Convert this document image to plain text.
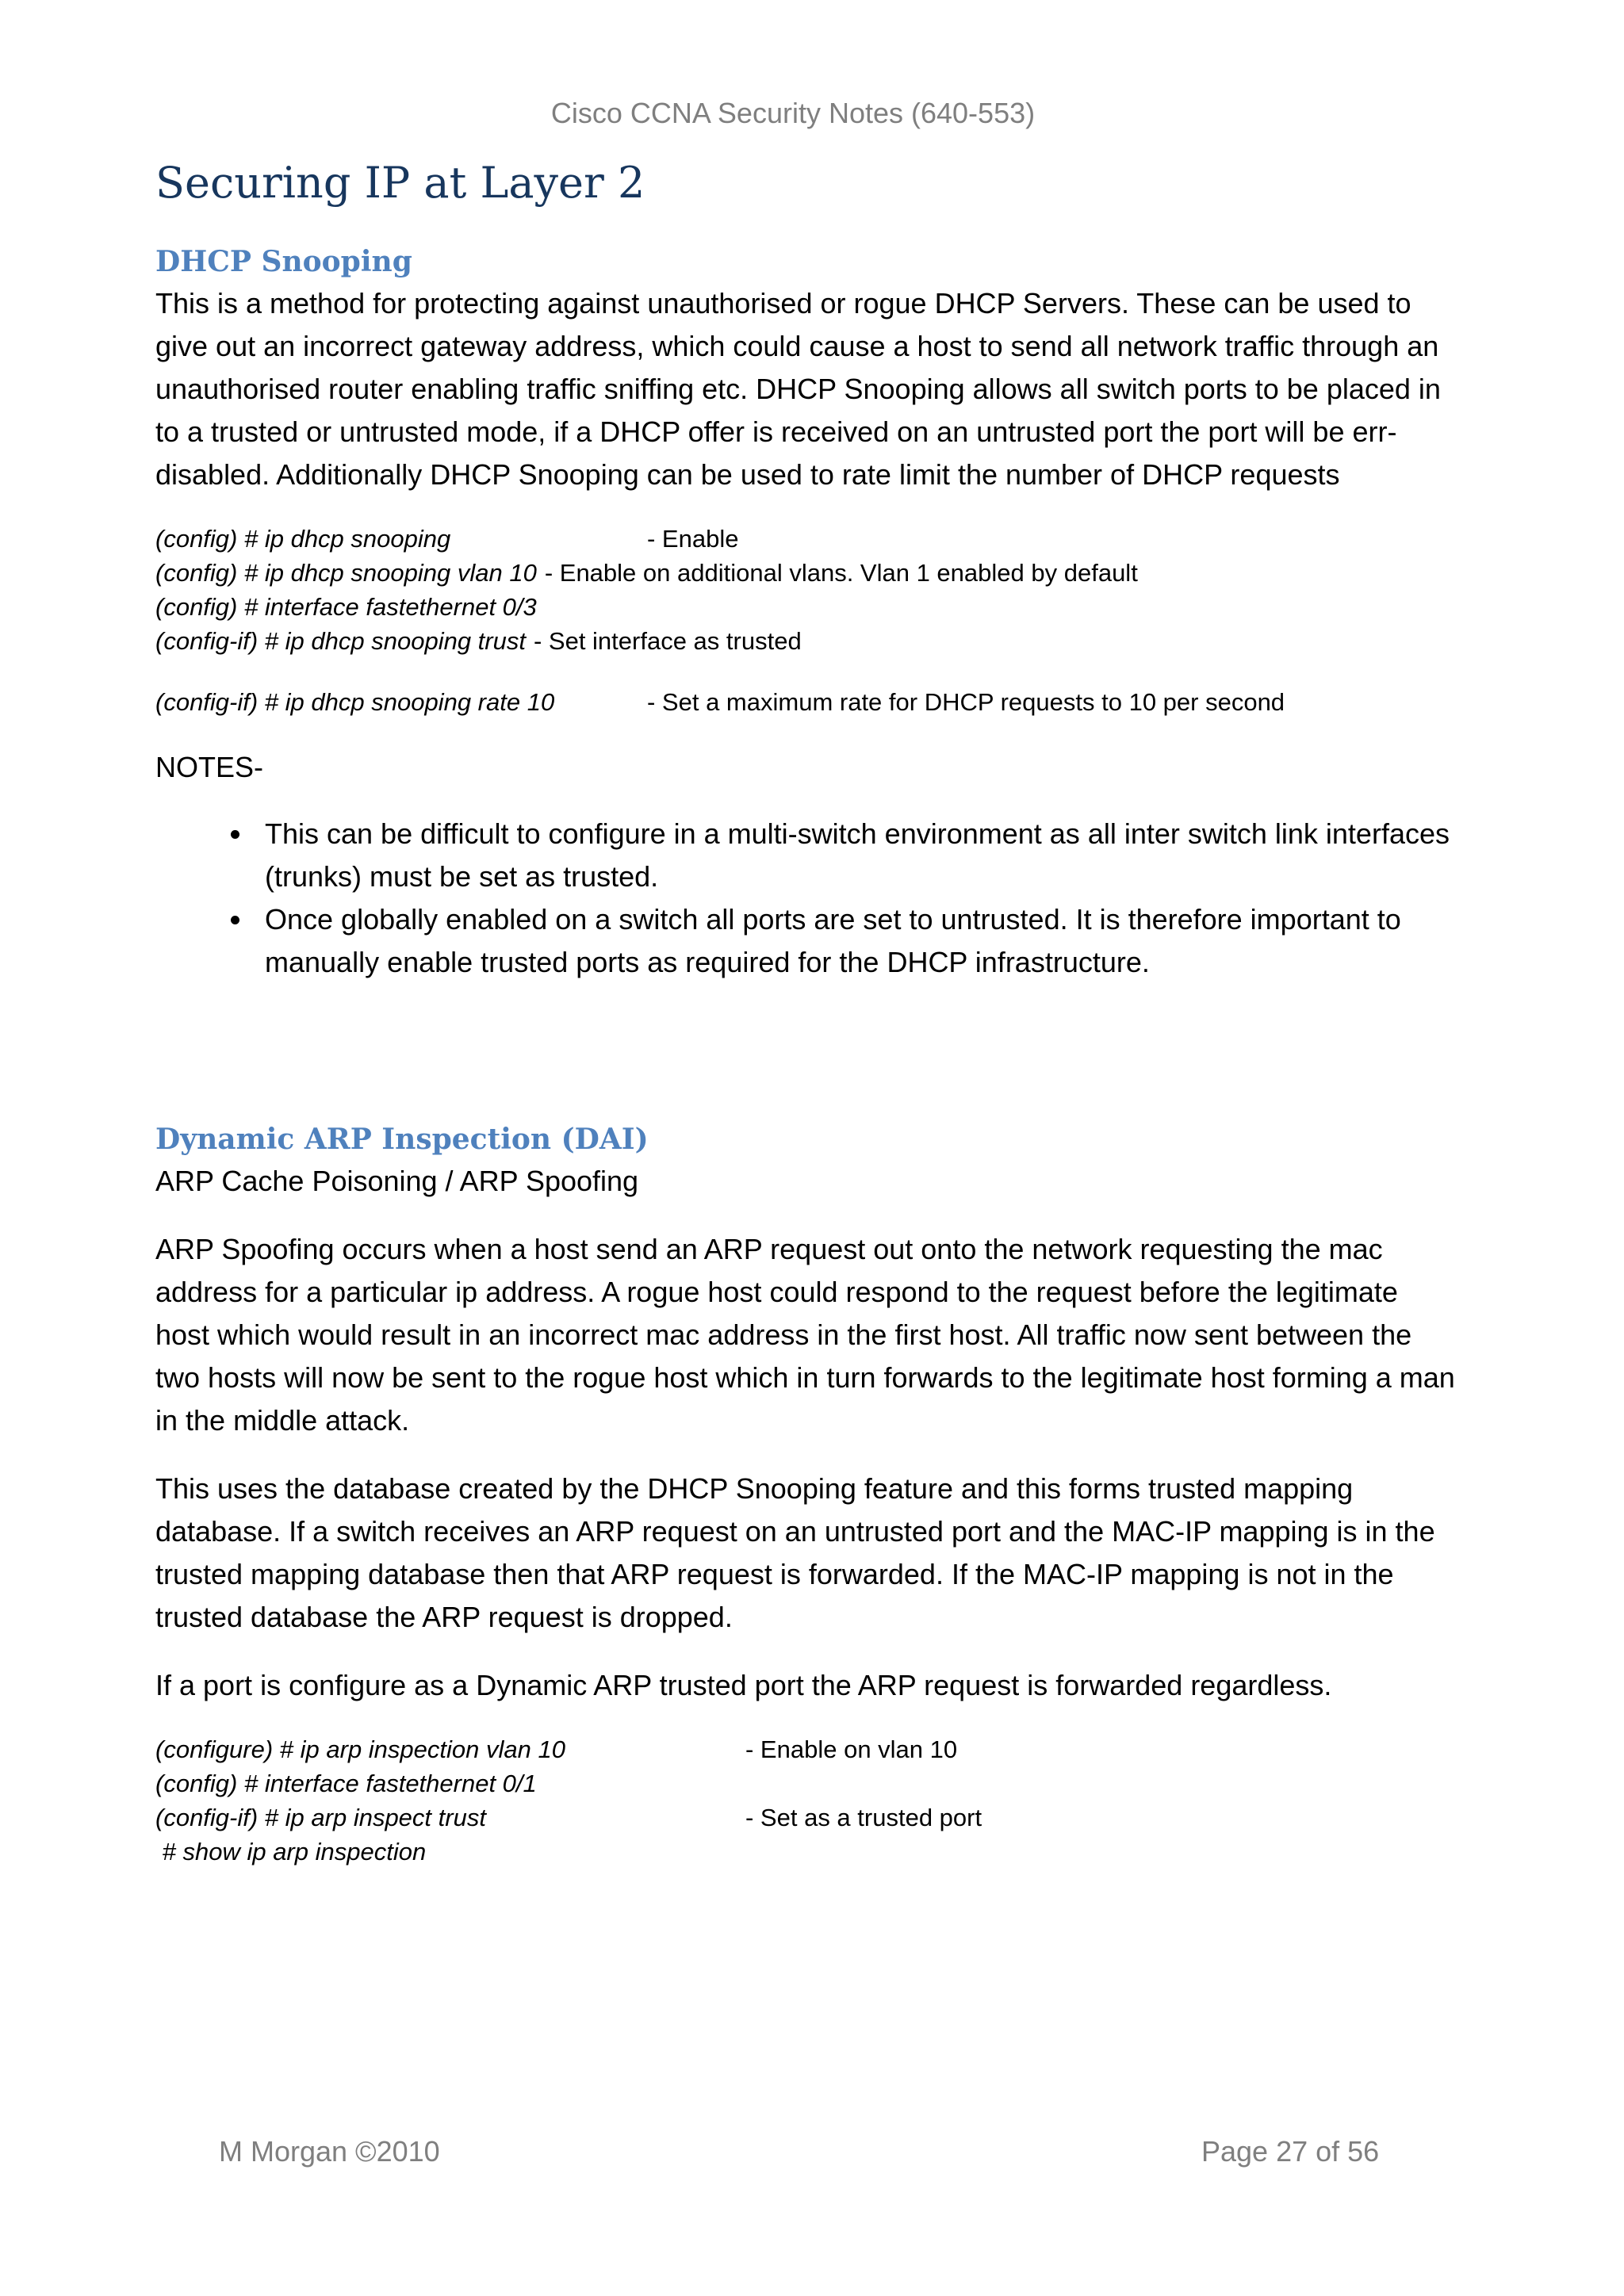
Cisco CCNA Security Notes (640-553)
Securing IP at Layer 2
DHCP Snooping

This is a method for protecting against unauthorised or rogue DHCP Servers. These can be used to give out an incorrect gateway address, which could cause a host to send all network traffic through an unauthorised router enabling traffic sniffing etc. DHCP Snooping allows all switch ports to be placed in to a trusted or untrusted mode, if a DHCP offer is received on an untrusted port the port will be err-disabled. Additionally DHCP Snooping can be used to rate limit the number of DHCP requests

(config) # ip dhcp snooping	- Enable
(config) # ip dhcp snooping vlan 10 - Enable on additional vlans. Vlan 1 enabled by default
(config) # interface fastethernet 0/3
(config-if) # ip dhcp snooping trust - Set interface as trusted
(config-if) # ip dhcp snooping rate 10	- Set a maximum rate for DHCP requests to 10 per second

NOTES-

• This can be difficult to configure in a multi-switch environment as all inter switch link interfaces (trunks) must be set as trusted.
• Once globally enabled on a switch all ports are set to untrusted. It is therefore important to manually enable trusted ports as required for the DHCP infrastructure.
Dynamic ARP Inspection (DAI)

ARP Cache Poisoning / ARP Spoofing

ARP Spoofing occurs when a host send an ARP request out onto the network requesting the mac address for a particular ip address. A rogue host could respond to the request before the legitimate host which would result in an incorrect mac address in the first host. All traffic now sent between the two hosts will now be sent to the rogue host which in turn forwards to the legitimate host forming a man in the middle attack.

This uses the database created by the DHCP Snooping feature and this forms trusted mapping database. If a switch receives an ARP request on an untrusted port and the MAC-IP mapping is in the trusted mapping database then that ARP request is forwarded. If the MAC-IP mapping is not in the trusted database the ARP request is dropped.

If a port is configure as a Dynamic ARP trusted port the ARP request is forwarded regardless.

(configure) # ip arp inspection vlan 10	- Enable on vlan 10
(config) # interface fastethernet 0/1
(config-if) # ip arp inspect trust	- Set as a trusted port
# show ip arp inspection
M Morgan ©2010	Page 27 of 56
